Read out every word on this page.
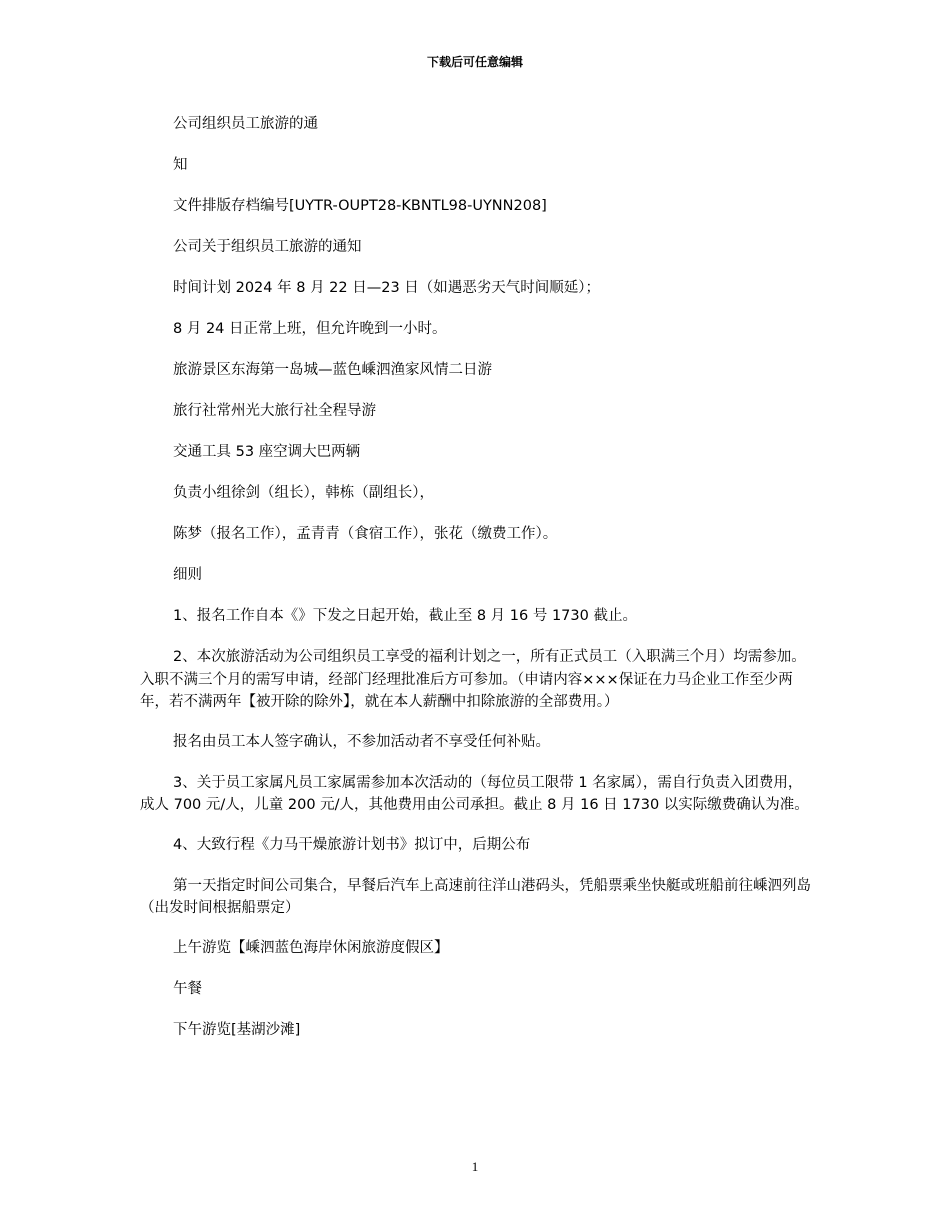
下载后可任意编辑
公司组织员工旅游的通
知
文件排版存档编号[UYTR-OUPT28-KBNTL98-UYNN208]
公司关于组织员工旅游的通知
时间计划 2024 年 8 月 22 日—23 日（如遇恶劣天气时间顺延）；
8 月 24 日正常上班，但允许晚到一小时。
旅游景区东海第一岛城—蓝色嵊泗渔家风情二日游
旅行社常州光大旅行社全程导游
交通工具 53 座空调大巴两辆
负责小组徐剑（组长），韩栋（副组长），
陈梦（报名工作），孟青青（食宿工作），张花（缴费工作）。
细则
1、报名工作自本《》下发之日起开始，截止至 8 月 16 号 1730 截止。
2、本次旅游活动为公司组织员工享受的福利计划之一，所有正式员工（入职满三个月）均需参加。入职不满三个月的需写申请，经部门经理批准后方可参加。（申请内容×××保证在力马企业工作至少两年，若不满两年【被开除的除外】，就在本人薪酬中扣除旅游的全部费用。）
报名由员工本人签字确认，不参加活动者不享受任何补贴。
3、关于员工家属凡员工家属需参加本次活动的（每位员工限带 1 名家属），需自行负责入团费用，成人 700 元/人，儿童 200 元/人，其他费用由公司承担。截止 8 月 16 日 1730 以实际缴费确认为准。
4、大致行程《力马干燥旅游计划书》拟订中，后期公布
第一天指定时间公司集合，早餐后汽车上高速前往洋山港码头，凭船票乘坐快艇或班船前往嵊泗列岛（出发时间根据船票定）
上午游览【嵊泗蓝色海岸休闲旅游度假区】
午餐
下午游览[基湖沙滩]
1
